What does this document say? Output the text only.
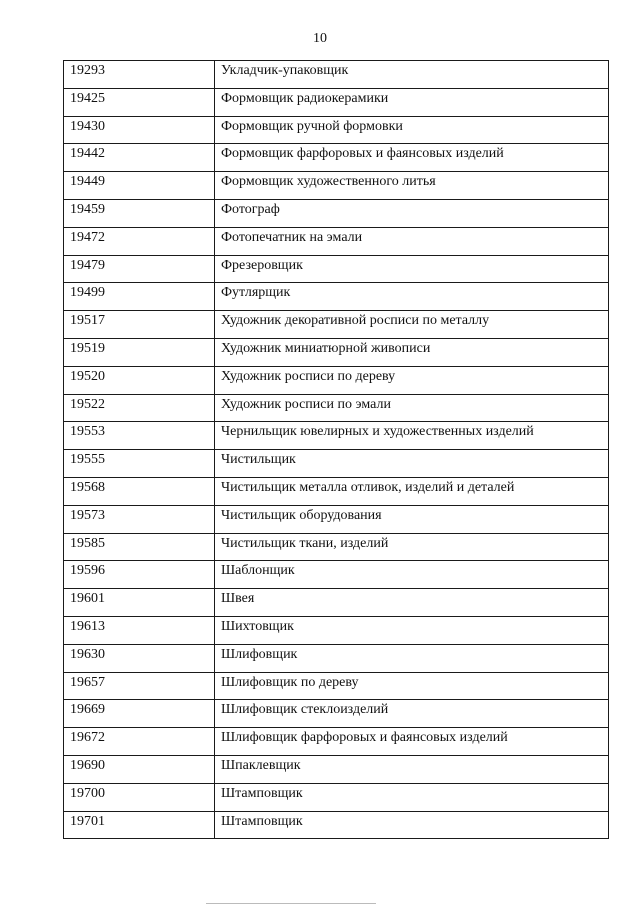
10
19293	Укладчик-упаковщик
19425	Формовщик радиокерамики
19430	Формовщик ручной формовки
19442	Формовщик фарфоровых и фаянсовых изделий
19449	Формовщик художественного литья
19459	Фотограф
19472	Фотопечатник на эмали
19479	Фрезеровщик
19499	Футлярщик
19517	Художник декоративной росписи по металлу
19519	Художник миниатюрной живописи
19520	Художник росписи по дереву
19522	Художник росписи по эмали
19553	Чернильщик ювелирных и художественных изделий
19555	Чистильщик
19568	Чистильщик металла отливок, изделий и деталей
19573	Чистильщик оборудования
19585	Чистильщик ткани, изделий
19596	Шаблонщик
19601	Швея
19613	Шихтовщик
19630	Шлифовщик
19657	Шлифовщик по дереву
19669	Шлифовщик стеклоизделий
19672	Шлифовщик фарфоровых и фаянсовых изделий
19690	Шпаклевщик
19700	Штамповщик
19701	Штамповщик
